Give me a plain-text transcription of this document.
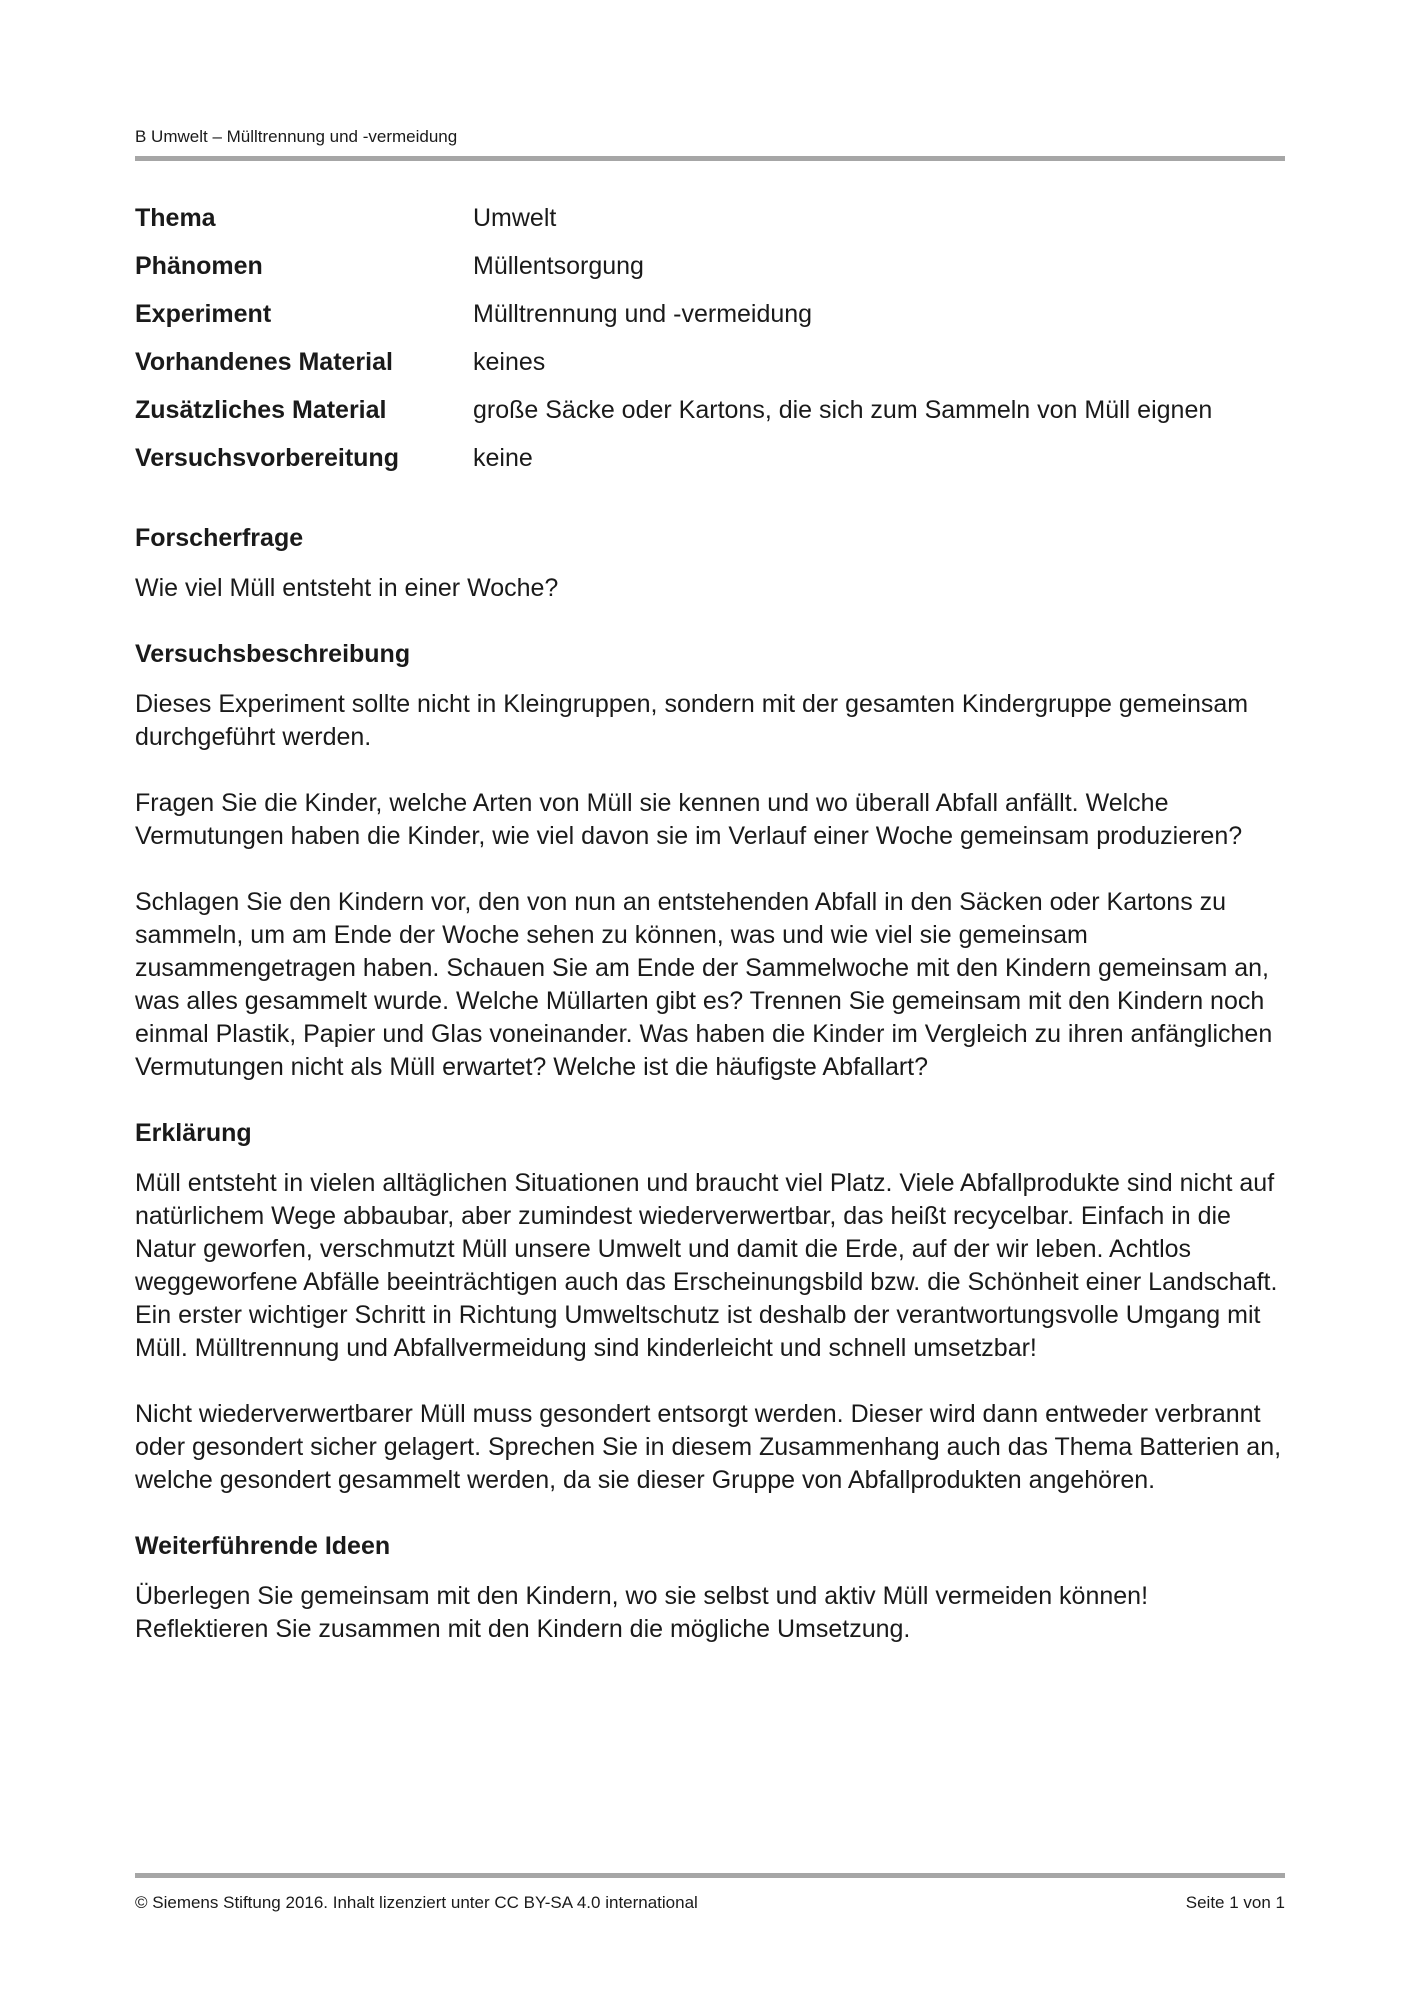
B Umwelt – Mülltrennung und -vermeidung
Thema	Umwelt
Phänomen	Müllentsorgung
Experiment	Mülltrennung und -vermeidung
Vorhandenes Material	keines
Zusätzliches Material	große Säcke oder Kartons, die sich zum Sammeln von Müll eignen
Versuchsvorbereitung	keine

Forscherfrage

Wie viel Müll entsteht in einer Woche?

Versuchsbeschreibung

Dieses Experiment sollte nicht in Kleingruppen, sondern mit der gesamten Kindergruppe gemeinsam durchgeführt werden.

Fragen Sie die Kinder, welche Arten von Müll sie kennen und wo überall Abfall anfällt. Welche Vermutungen haben die Kinder, wie viel davon sie im Verlauf einer Woche gemeinsam produzieren?

Schlagen Sie den Kindern vor, den von nun an entstehenden Abfall in den Säcken oder Kartons zu sammeln, um am Ende der Woche sehen zu können, was und wie viel sie gemeinsam zusammengetragen haben. Schauen Sie am Ende der Sammelwoche mit den Kindern gemeinsam an, was alles gesammelt wurde. Welche Müllarten gibt es? Trennen Sie gemeinsam mit den Kindern noch einmal Plastik, Papier und Glas voneinander. Was haben die Kinder im Vergleich zu ihren anfänglichen Vermutungen nicht als Müll erwartet? Welche ist die häufigste Abfallart?

Erklärung

Müll entsteht in vielen alltäglichen Situationen und braucht viel Platz. Viele Abfallprodukte sind nicht auf natürlichem Wege abbaubar, aber zumindest wiederverwertbar, das heißt recycelbar. Einfach in die Natur geworfen, verschmutzt Müll unsere Umwelt und damit die Erde, auf der wir leben. Achtlos weggeworfene Abfälle beeinträchtigen auch das Erscheinungsbild bzw. die Schönheit einer Landschaft. Ein erster wichtiger Schritt in Richtung Umweltschutz ist deshalb der verantwortungsvolle Umgang mit Müll. Mülltrennung und Abfallvermeidung sind kinderleicht und schnell umsetzbar!

Nicht wiederverwertbarer Müll muss gesondert entsorgt werden. Dieser wird dann entweder verbrannt oder gesondert sicher gelagert. Sprechen Sie in diesem Zusammenhang auch das Thema Batterien an, welche gesondert gesammelt werden, da sie dieser Gruppe von Abfallprodukten angehören.

Weiterführende Ideen

Überlegen Sie gemeinsam mit den Kindern, wo sie selbst und aktiv Müll vermeiden können! Reflektieren Sie zusammen mit den Kindern die mögliche Umsetzung.

© Siemens Stiftung 2016. Inhalt lizenziert unter CC BY-SA 4.0 international	Seite 1 von 1
